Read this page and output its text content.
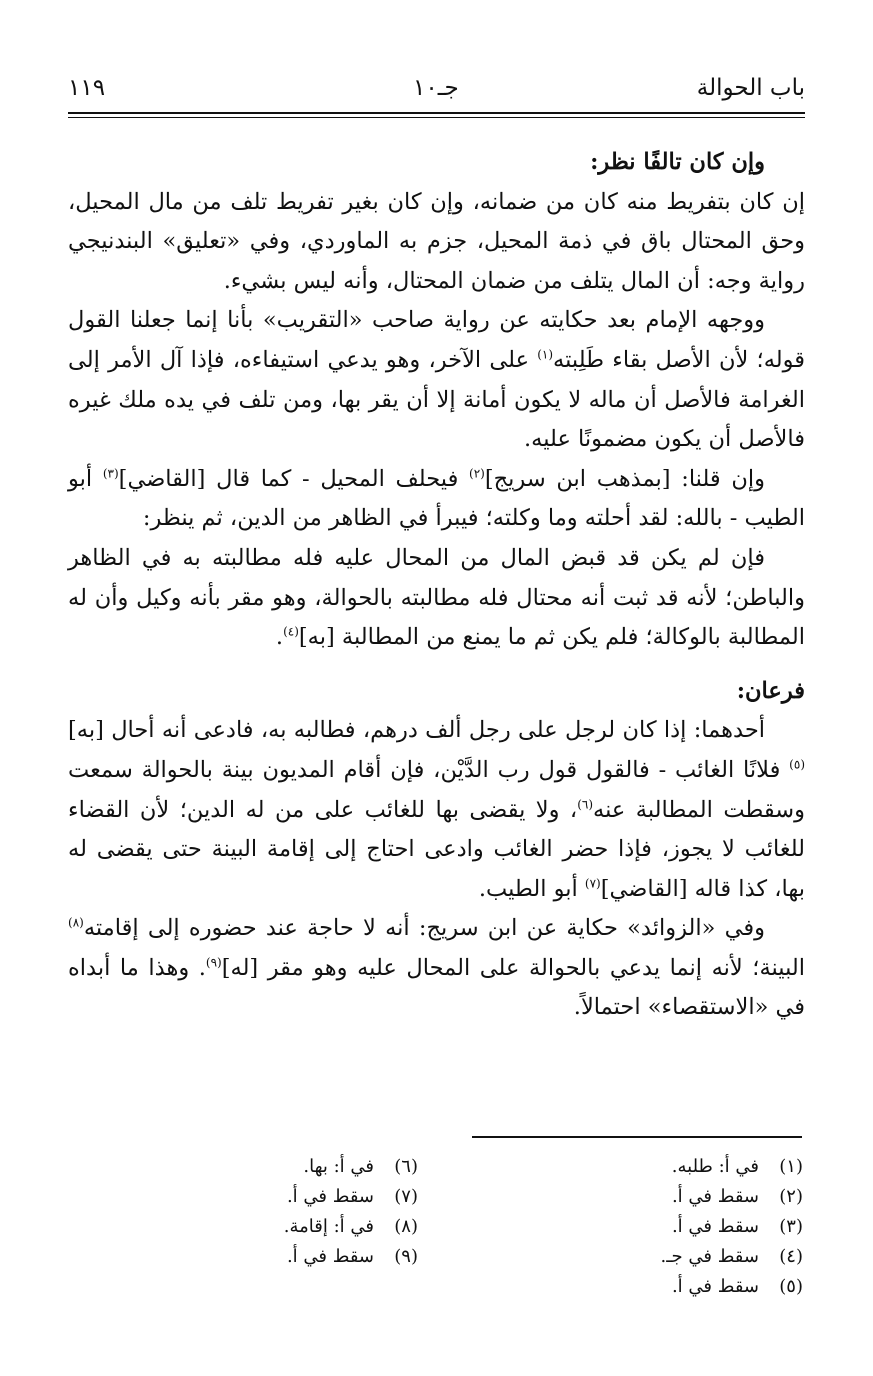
باب الحوالة
جـ١٠
١١٩

وإن كان تالفًا نظر:

إن كان بتفريط منه كان من ضمانه، وإن كان بغير تفريط تلف من مال المحيل، وحق المحتال باق في ذمة المحيل، جزم به الماوردي، وفي «تعليق» البندنيجي رواية وجه: أن المال يتلف من ضمان المحتال، وأنه ليس بشيء.

ووجهه الإمام بعد حكايته عن رواية صاحب «التقريب» بأنا إنما جعلنا القول قوله؛ لأن الأصل بقاء طَلِبته$^{(١)}$ على الآخر، وهو يدعي استيفاءه، فإذا آل الأمر إلى الغرامة فالأصل أن ماله لا يكون أمانة إلا أن يقر بها، ومن تلف في يده ملك غيره فالأصل أن يكون مضمونًا عليه.

وإن قلنا: [بمذهب ابن سريج]$^{(٢)}$ فيحلف المحيل - كما قال [القاضي]$^{(٣)}$ أبو الطيب - بالله: لقد أحلته وما وكلته؛ فيبرأ في الظاهر من الدين، ثم ينظر:

فإن لم يكن قد قبض المال من المحال عليه فله مطالبته به في الظاهر والباطن؛ لأنه قد ثبت أنه محتال فله مطالبته بالحوالة، وهو مقر بأنه وكيل وأن له المطالبة بالوكالة؛ فلم يكن ثم ما يمنع من المطالبة [به]$^{(٤)}$.

فرعان:

أحدهما: إذا كان لرجل على رجل ألف درهم، فطالبه به، فادعى أنه أحال [به]$^{(٥)}$ فلانًا الغائب - فالقول قول رب الدَّيْن، فإن أقام المديون بينة بالحوالة سمعت وسقطت المطالبة عنه$^{(٦)}$، ولا يقضى بها للغائب على من له الدين؛ لأن القضاء للغائب لا يجوز، فإذا حضر الغائب وادعى احتاج إلى إقامة البينة حتى يقضى له بها، كذا قاله [القاضي]$^{(٧)}$ أبو الطيب.

وفي «الزوائد» حكاية عن ابن سريج: أنه لا حاجة عند حضوره إلى إقامته$^{(٨)}$ البينة؛ لأنه إنما يدعي بالحوالة على المحال عليه وهو مقر [له]$^{(٩)}$. وهذا ما أبداه في «الاستقصاء» احتمالاً.

(١)في أ: طلبه.

(٢)سقط في أ.

(٣)سقط في أ.

(٤)سقط في جـ.

(٥)سقط في أ.

(٦)في أ: بها.

(٧)سقط في أ.

(٨)في أ: إقامة.

(٩)سقط في أ.
